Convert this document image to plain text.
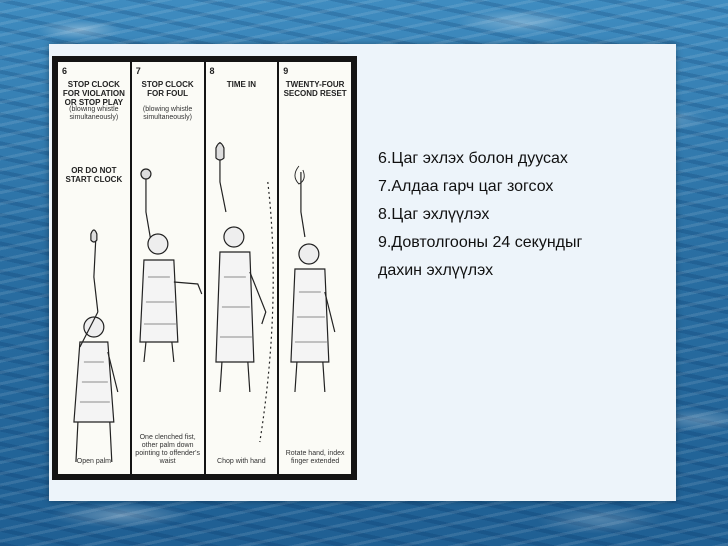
6
STOP CLOCK FOR VIOLATION OR STOP PLAY
(blowing whistle simultaneously)
OR DO NOT START CLOCK
Open palm
7
STOP CLOCK FOR FOUL
(blowing whistle simultaneously)
One clenched fist, other palm down pointing to offender's waist
8
TIME IN
Chop with hand
9
TWENTY-FOUR SECOND RESET
Rotate hand, index finger extended

6.Цаг эхлэх болон дуусах

7.Алдаа гарч цаг зогсох

8.Цаг эхлүүлэх

9.Довтолгооны 24 секундыг

дахин эхлүүлэх
